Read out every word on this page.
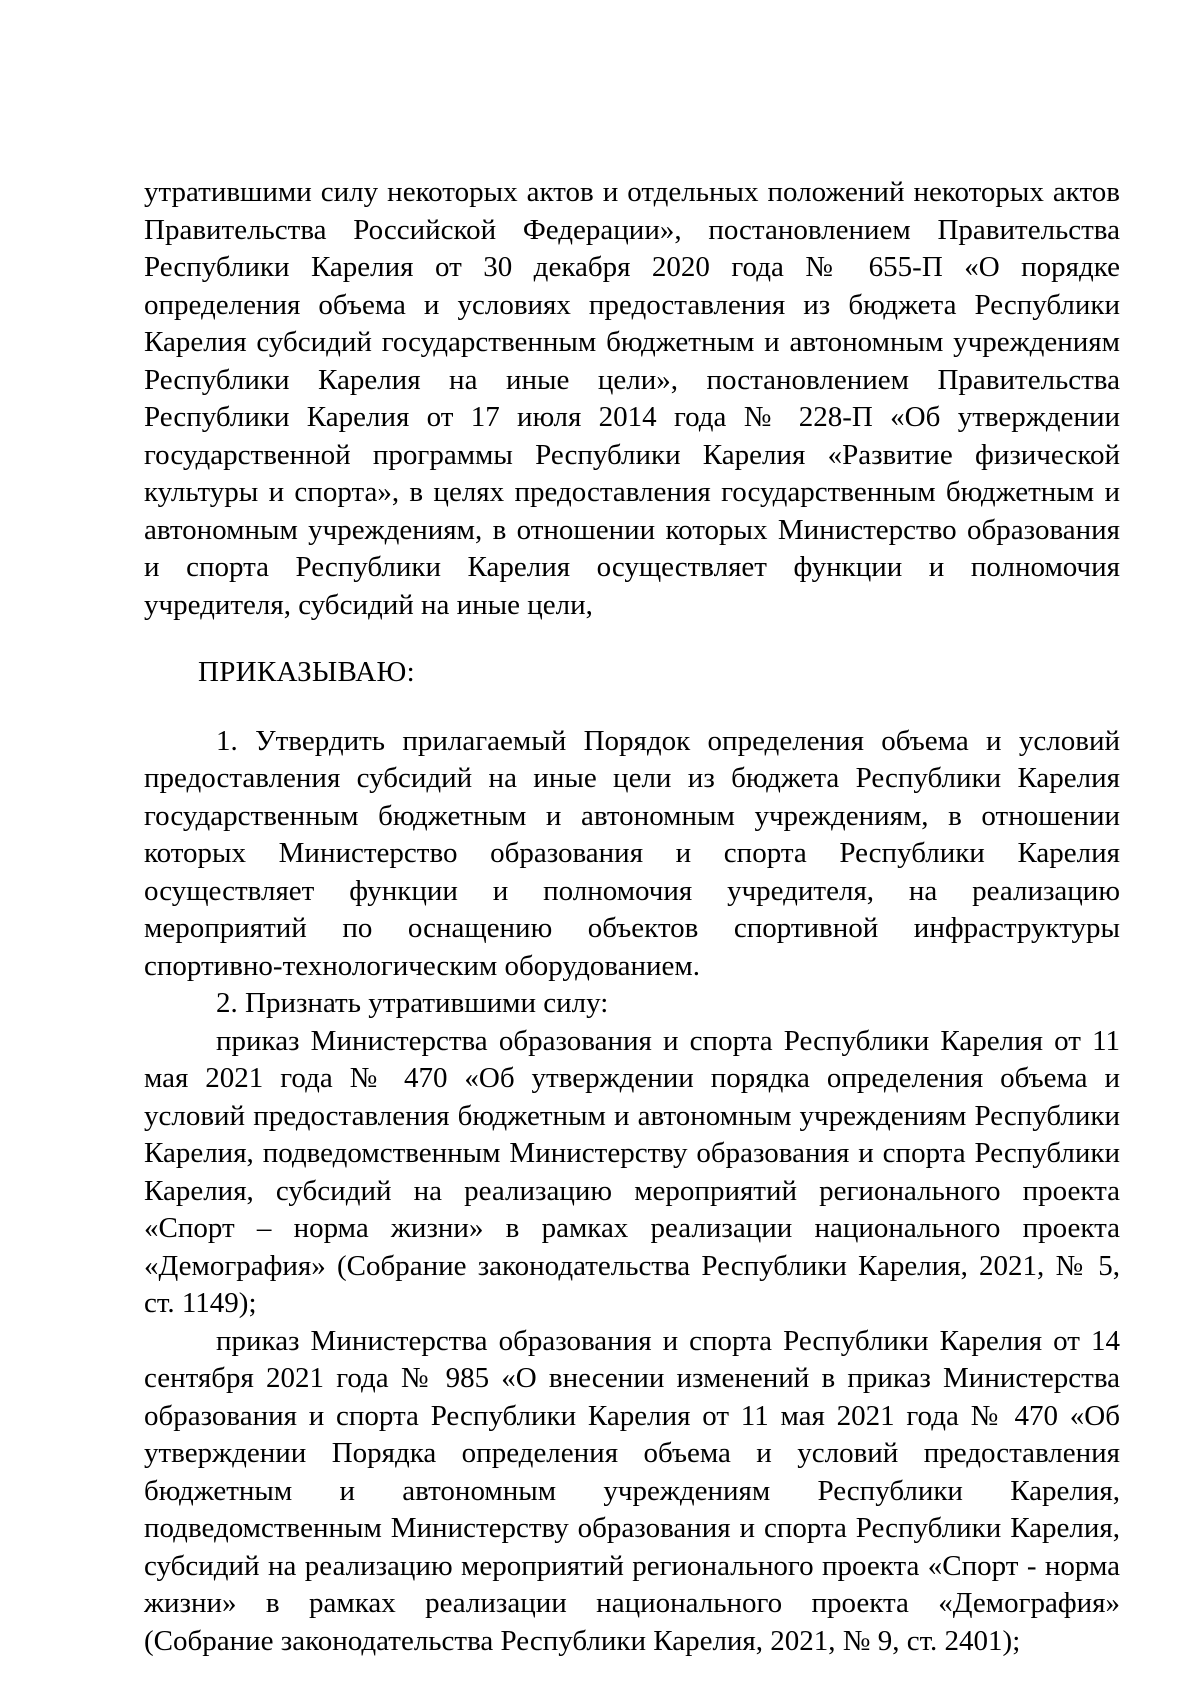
утратившими силу некоторых актов и отдельных положений некоторых актов Правительства Российской Федерации», постановлением Правительства Республики Карелия от 30 декабря 2020 года № 655-П «О порядке определения объема и условиях предоставления из бюджета Республики Карелия субсидий государственным бюджетным и автономным учреждениям Республики Карелия на иные цели», постановлением Правительства Республики Карелия от 17 июля 2014 года № 228-П «Об утверждении государственной программы Республики Карелия «Развитие физической культуры и спорта», в целях предоставления государственным бюджетным и автономным учреждениям, в отношении которых Министерство образования и спорта Республики Карелия осуществляет функции и полномочия учредителя, субсидий на иные цели,

ПРИКАЗЫВАЮ:

1. Утвердить прилагаемый Порядок определения объема и условий предоставления субсидий на иные цели из бюджета Республики Карелия государственным бюджетным и автономным учреждениям, в отношении которых Министерство образования и спорта Республики Карелия осуществляет функции и полномочия учредителя, на реализацию мероприятий по оснащению объектов спортивной инфраструктуры спортивно-технологическим оборудованием.

2. Признать утратившими силу:

приказ Министерства образования и спорта Республики Карелия от 11 мая 2021 года № 470 «Об утверждении порядка определения объема и условий предоставления бюджетным и автономным учреждениям Республики Карелия, подведомственным Министерству образования и спорта Республики Карелия, субсидий на реализацию мероприятий регионального проекта «Спорт – норма жизни» в рамках реализации национального проекта «Демография» (Собрание законодательства Республики Карелия, 2021, № 5, ст. 1149);

приказ Министерства образования и спорта Республики Карелия от 14 сентября 2021 года № 985 «О внесении изменений в приказ Министерства образования и спорта Республики Карелия от 11 мая 2021 года № 470 «Об утверждении Порядка определения объема и условий предоставления бюджетным и автономным учреждениям Республики Карелия, подведомственным Министерству образования и спорта Республики Карелия, субсидий на реализацию мероприятий регионального проекта «Спорт - норма жизни» в рамках реализации национального проекта «Демография» (Собрание законодательства Республики Карелия, 2021, № 9, ст. 2401);
